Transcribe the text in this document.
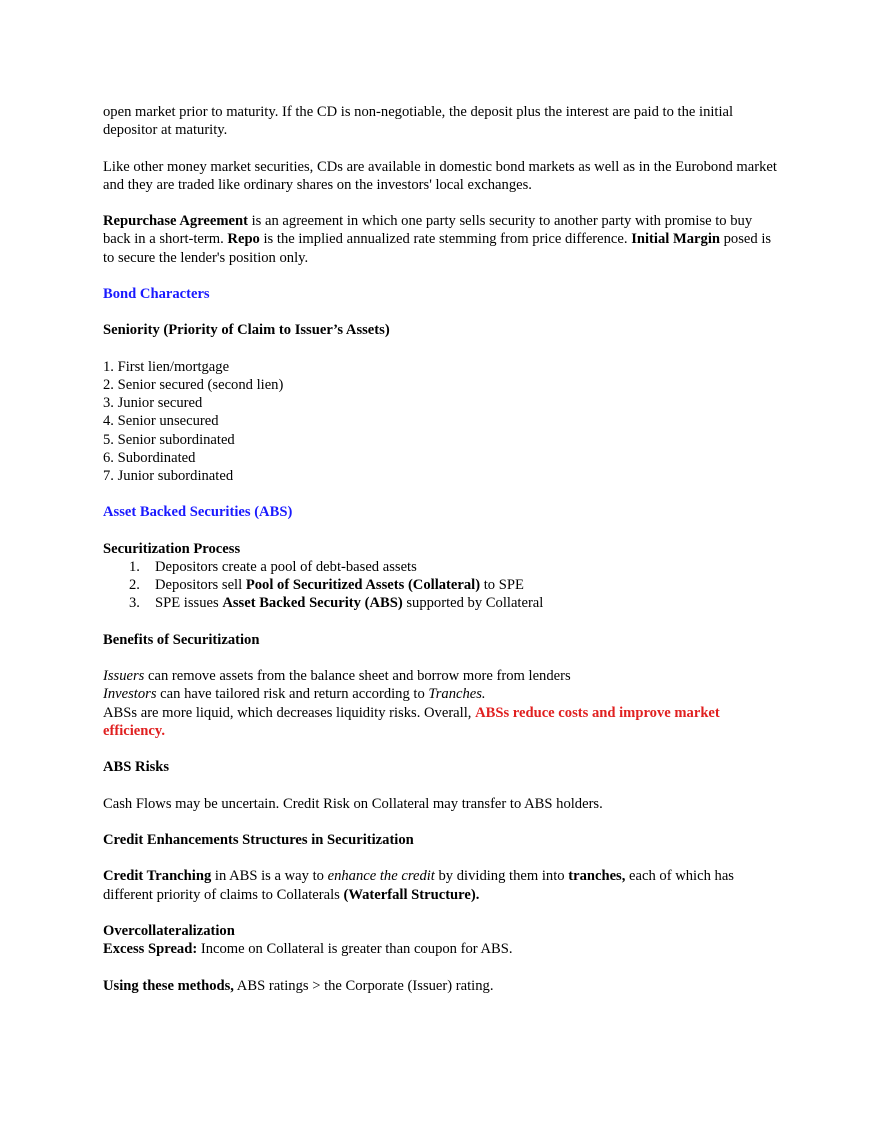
open market prior to maturity. If the CD is non-negotiable, the deposit plus the interest are paid to the initial depositor at maturity.

Like other money market securities, CDs are available in domestic bond markets as well as in the Eurobond market and they are traded like ordinary shares on the investors' local exchanges.

Repurchase Agreement is an agreement in which one party sells security to another party with promise to buy back in a short-term. Repo is the implied annualized rate stemming from price difference. Initial Margin posed is to secure the lender's position only.

Bond Characters
Seniority (Priority of Claim to Issuer’s Assets)
1. First lien/mortgage
2. Senior secured (second lien)
3. Junior secured
4. Senior unsecured
5. Senior subordinated
6. Subordinated
7. Junior subordinated
Asset Backed Securities (ABS)
Securitization Process
1. Depositors create a pool of debt-based assets
2. Depositors sell Pool of Securitized Assets (Collateral) to SPE
3. SPE issues Asset Backed Security (ABS) supported by Collateral
Benefits of Securitization
Issuers can remove assets from the balance sheet and borrow more from lenders
Investors can have tailored risk and return according to Tranches.

ABSs are more liquid, which decreases liquidity risks. Overall, ABSs reduce costs and improve market efficiency.

ABS Risks

Cash Flows may be uncertain. Credit Risk on Collateral may transfer to ABS holders.

Credit Enhancements Structures in Securitization

Credit Tranching in ABS is a way to enhance the credit by dividing them into tranches, each of which has different priority of claims to Collaterals (Waterfall Structure).

Overcollateralization

Excess Spread: Income on Collateral is greater than coupon for ABS.

Using these methods, ABS ratings > the Corporate (Issuer) rating.
